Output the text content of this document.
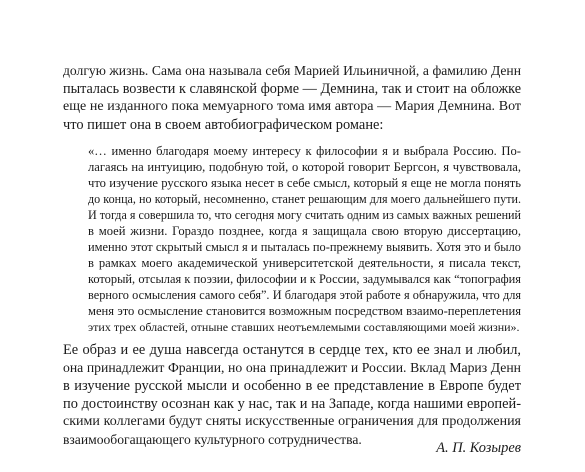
долгую жизнь. Сама она называла себя Марией Ильиничной, а фамилию Денн
пыталась возвести к славянской форме — Демнина, так и стоит на обложке
еще не изданного пока мемуарного тома имя автора — Мария Демнина. Вот
что пишет она в своем автобиографическом романе:
«… именно благодаря моему интересу к философии я и выбрала Россию. По-
лагаясь на интуицию, подобную той, о которой говорит Бергсон, я чувствовала,
что изучение русского языка несет в себе смысл, который я еще не могла понять
до конца, но который, несомненно, станет решающим для моего дальнейшего пути.
И тогда я совершила то, что сегодня могу считать одним из самых важных решений
в моей жизни. Гораздо позднее, когда я защищала свою вторую диссертацию,
именно этот скрытый смысл я и пыталась по-прежнему выявить. Хотя это и было
в рамках моего академической университетской деятельности, я писала текст,
который, отсылая к поэзии, философии и к России, задумывался как “топография
верного осмысления самого себя”. И благодаря этой работе я обнаружила, что для
меня это осмысление становится возможным посредством взаимо-переплетения
этих трех областей, отныне ставших неотъемлемыми составляющими моей жизни».
Ее образ и ее душа навсегда останутся в сердце тех, кто ее знал и любил,
она принадлежит Франции, но она принадлежит и России. Вклад Мариз Денн
в изучение русской мысли и особенно в ее представление в Европе будет
по достоинству осознан как у нас, так и на Западе, когда нашими европей-
скими коллегами будут сняты искусственные ограничения для продолжения
взаимообогащающего культурного сотрудничества.
А. П. Козырев
